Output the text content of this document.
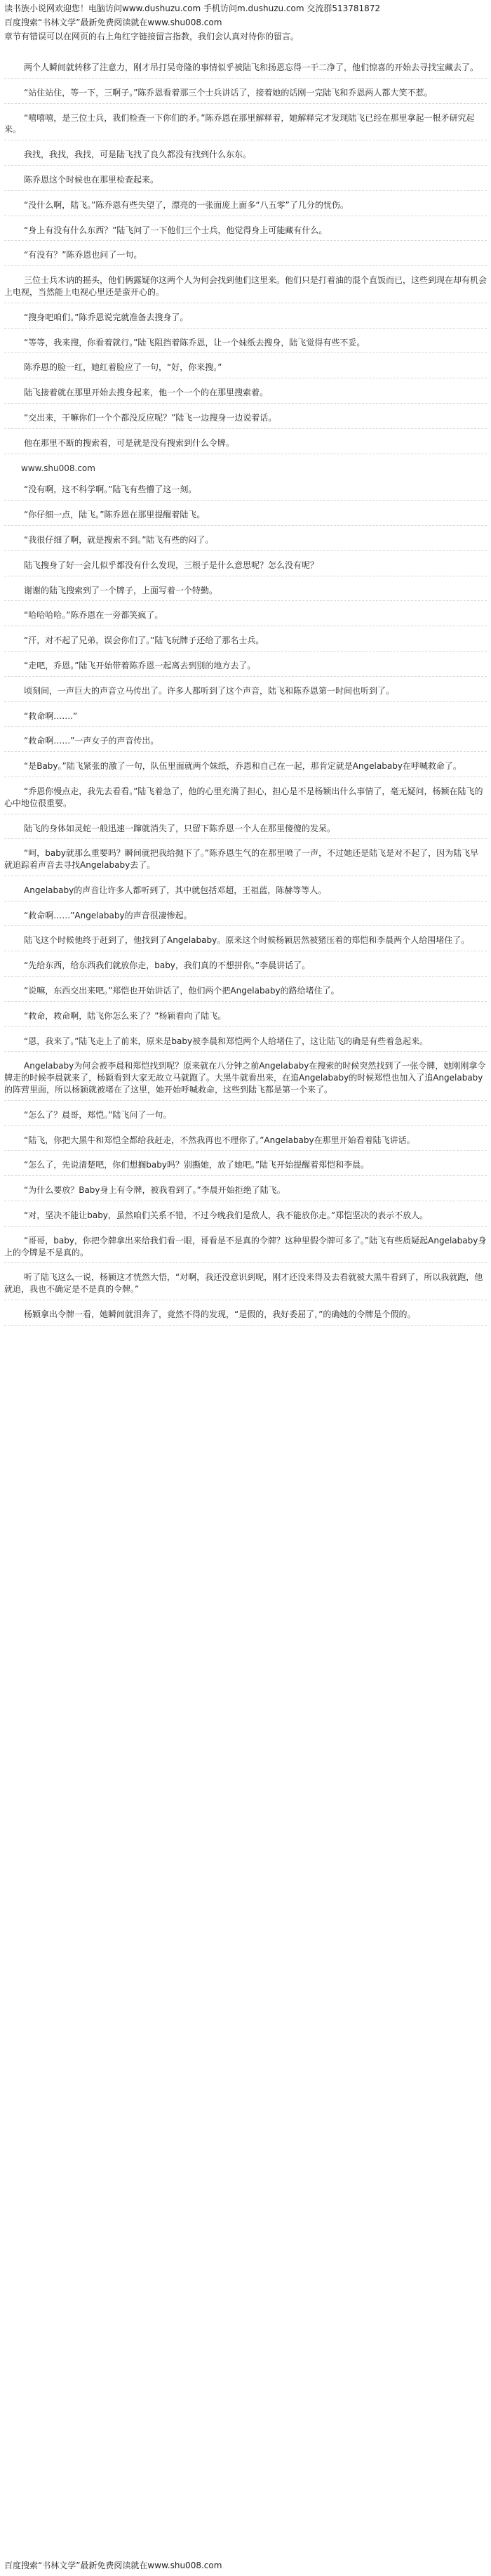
读书族小说网欢迎您！电脑访问www.dushuzu.com 手机访问m.dushuzu.com 交流群513781872
百度搜索“书林文学”最新免费阅读就在www.shu008.com
章节有错误可以在网页的右上角红字链接留言指教，我们会认真对待你的留言。
两个人瞬间就转移了注意力，刚才吊打吴奇隆的事情似乎被陆飞和扬恩忘得一干二净了，他们惊喜的开始去寻找宝藏去了。
“站住站住，等一下，三啊子。”陈乔恩看着那三个士兵讲话了，接着她的话刚一完陆飞和乔恩两人都大笑不惹。
“嘻嘻嘻，是三位士兵，我们检查一下你们的矛。”陈乔恩在那里解释着，她解释完才发现陆飞已经在那里拿起一根矛研究起来。
我找，我找，我找，可是陆飞找了良久都没有找到什么东东。
陈乔恩这个时候也在那里检查起来。
“没什么啊，陆飞。”陈乔恩有些失望了，漂亮的一张面庞上面多“八五零”了几分的忧伤。
“身上有没有什么东西？”陆飞问了一下他们三个士兵，他觉得身上可能藏有什么。
“有没有？”陈乔恩也问了一句。
三位士兵木讷的摇头，他们俩露疑你这两个人为何会找到他们这里来。他们只是打着油的混个直饭而已，这些到现在却有机会上电视，当然能上电视心里还是蛮开心的。
“搜身吧咱们。”陈乔恩说完就准备去搜身了。
“等等，我来搜，你看着就行。”陆飞阻挡着陈乔恩，让一个妹纸去搜身，陆飞觉得有些不妥。
陈乔恩的脸一红，她红着脸应了一句，“好，你来搜。”
陆飞接着就在那里开始去搜身起来，他一个一个的在那里搜索着。
“交出来，干嘛你们一个个都没反应呢？”陆飞一边搜身一边说着话。
他在那里不断的搜索着，可是就是没有搜索到什么令牌。
www.shu008.com
“没有啊，这不科学啊。”陆飞有些懵了这一刻。
“你仔细一点，陆飞。”陈乔恩在那里提醒着陆飞。
“我很仔细了啊，就是搜索不到。”陆飞有些的闷了。
陆飞搜身了好一会儿似乎都没有什么发现，三根子是什么意思呢？怎么没有呢？
谢谢的陆飞搜索到了一个牌子，上面写着一个特勤。
“哈哈哈哈。”陈乔恩在一旁都笑疯了。
“汗，对不起了兄弟，误会你们了。”陆飞玩牌子还给了那名士兵。
“走吧，乔恩。”陆飞开始带着陈乔恩一起离去到别的地方去了。
顷刻间，一声巨大的声音立马传出了。许多人都听到了这个声音，陆飞和陈乔恩第一时间也听到了。
“救命啊…….”
“救命啊……”一声女子的声音传出。
“是Baby。”陆飞紧张的激了一句，队伍里面就两个妹纸，乔恩和自己在一起，那肯定就是Angelababy在呼喊救命了。
“乔恩你慢点走，我先去看看。”陆飞着急了，他的心里充满了担心，担心是不是杨颖出什么事情了，毫无疑问，杨颖在陆飞的心中地位很重要。
陆飞的身体如灵蛇一般迅速一蹿就消失了，只留下陈乔恩一个人在那里傻傻的发呆。
“呵，baby就那么重要吗？瞬间就把我给抛下了。”陈乔恩生气的在那里喷了一声，不过她还是陆飞是对不起了，因为陆飞早就追踪着声音去寻找Angelababy去了。
Angelababy的声音让许多人都听到了，其中就包括邓超，王祖蓝，陈赫等等人。
“救命啊……”Angelababy的声音很凄惨起。
陆飞这个时候他终于赶到了，他找到了Angelababy。原来这个时候杨颖居然被猪压着的郑恺和李晨两个人给围堵住了。
“先给东西，给东西我们就放你走，baby，我们真的不想拼你。”李晨讲话了。
“说嘛，东西交出来吧。”郑恺也开始讲话了，他们两个把Angelababy的路给堵住了。
“救命，救命啊，陆飞你怎么来了？”杨颖看向了陆飞。
“恩，我来了。”陆飞走上了前来，原来是baby被李晨和郑恺两个人给堵住了，这让陆飞的确是有些着急起来。
Angelababy为何会被李晨和郑恺找到呢？原来就在八分钟之前Angelababy在搜索的时候突然找到了一张令牌，她刚刚拿令牌走的时候李晨就来了，杨颖看到大家无故立马就跑了。大黑牛就看出来，在追Angelababy的时候郑恺也加入了追Angelababy的阵营里面，所以杨颖就被堵在了这里，她开始呼喊救命，这些到陆飞都是第一个来了。
“怎么了？晨哥，郑恺。”陆飞问了一句。
“陆飞，你把大黑牛和郑恺全都给我赶走，不然我再也不理你了。”Angelababy在那里开始看着陆飞讲话。
“怎么了，先说清楚吧，你们想搁baby吗？别撕她，放了她吧。”陆飞开始提醒着郑恺和李晨。
“为什么要放？Baby身上有令牌，被我看到了。”李晨开始拒绝了陆飞。
“对，坚决不能让baby，虽然咱们关系不错，不过今晚我们是敌人，我不能放你走。”郑恺坚决的表示不放人。
“哥哥，baby，你把令牌拿出来给我们看一眼，哥看是不是真的令牌？这种里假令牌可多了。”陆飞有些质疑起Angelababy身上的令牌是不是真的。
听了陆飞这么一说，杨颖这才恍然大悟，“对啊，我还没意识到呢，刚才还没来得及去看就被大黑牛看到了，所以我就跑，他就追，我也不确定是不是真的令牌。”
杨颖拿出令牌一看，她瞬间就泪奔了，竟然不得的发现，“是假的，我好委屈了，”的确她的令牌是个假的。
百度搜索“书林文学”最新免费阅读就在www.shu008.com
